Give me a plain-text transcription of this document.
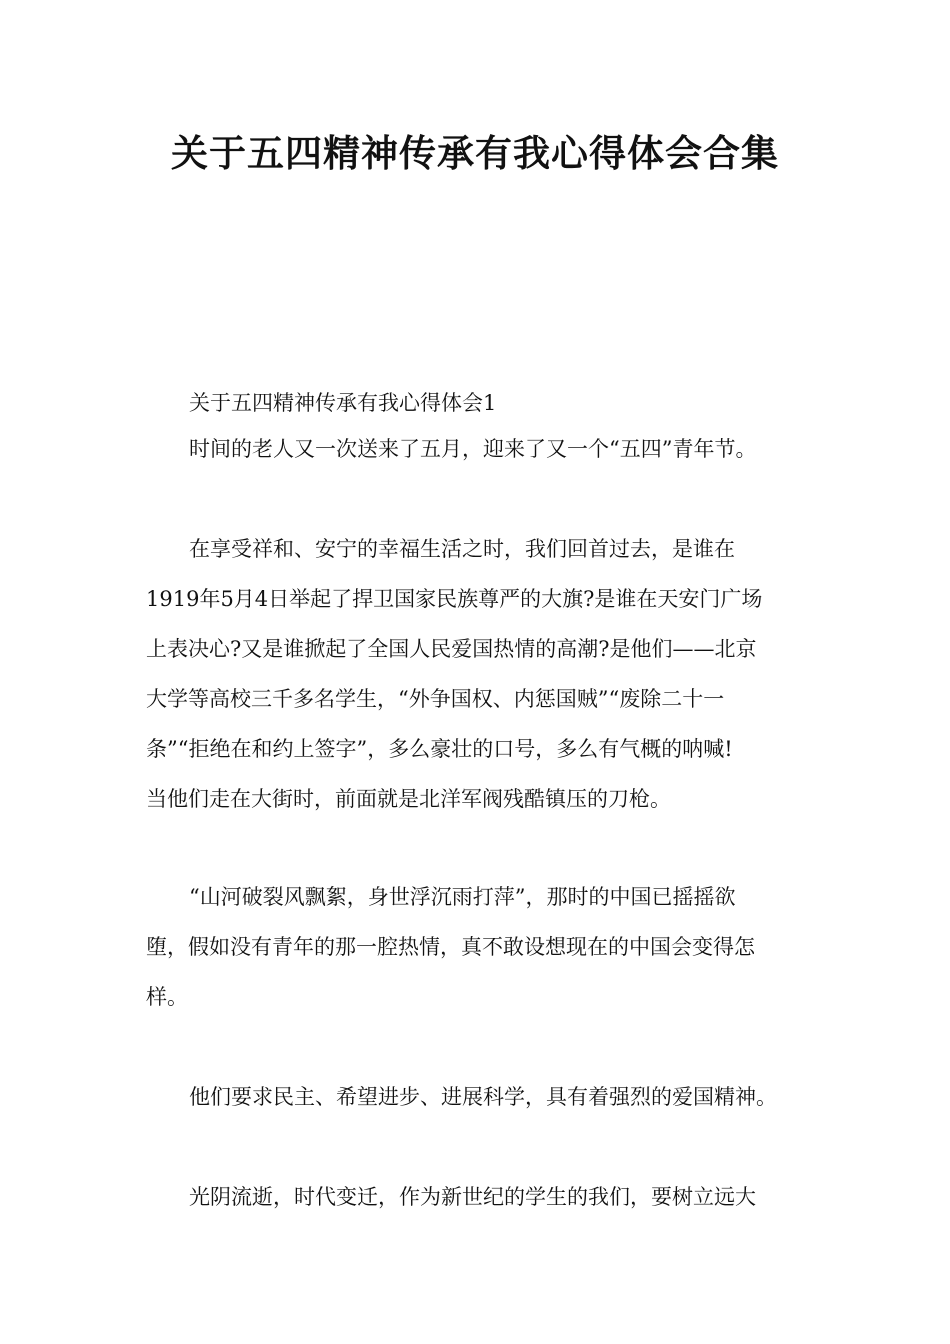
关于五四精神传承有我心得体会合集

关于五四精神传承有我心得体会1

时间的老人又一次送来了五月，迎来了又一个“五四”青年节。

在享受祥和、安宁的幸福生活之时，我们回首过去，是谁在
1919年5月4日举起了捍卫国家民族尊严的大旗?是谁在天安门广场
上表决心?又是谁掀起了全国人民爱国热情的高潮?是他们——北京
大学等高校三千多名学生，“外争国权、内惩国贼”“废除二十一
条”“拒绝在和约上签字”，多么豪壮的口号，多么有气概的呐喊!
当他们走在大街时，前面就是北洋军阀残酷镇压的刀枪。

“山河破裂风飘絮，身世浮沉雨打萍”，那时的中国已摇摇欲
堕，假如没有青年的那一腔热情，真不敢设想现在的中国会变得怎
样。

他们要求民主、希望进步、进展科学，具有着强烈的爱国精神。

光阴流逝，时代变迁，作为新世纪的学生的我们，要树立远大
